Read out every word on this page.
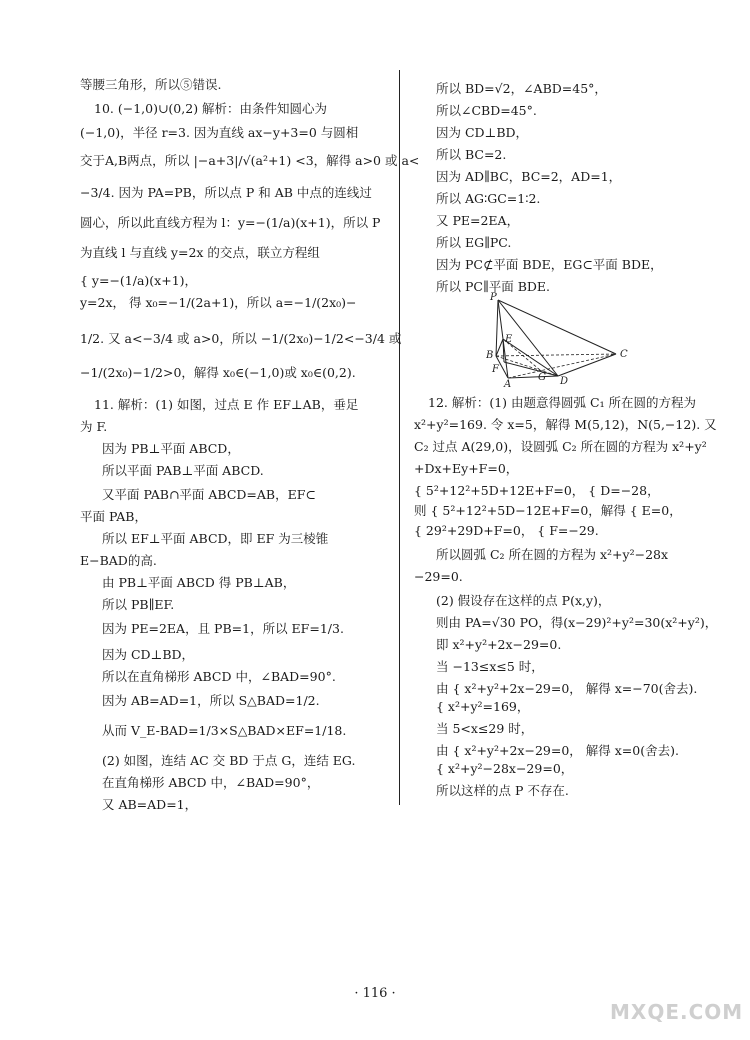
等腰三角形，所以⑤错误.
10. (−1,0)∪(0,2) 解析：由条件知圆心为
(−1,0)，半径 r=3. 因为直线 ax−y+3=0 与圆相
交于A,B两点，所以 |−a+3|/√(a²+1) <3，解得 a>0 或 a<
−3/4. 因为 PA=PB，所以点 P 和 AB 中点的连线过
圆心，所以此直线方程为 l：y=−(1/a)(x+1)，所以 P
为直线 l 与直线 y=2x 的交点，联立方程组
{ y=−(1/a)(x+1)，
y=2x， 得 x₀=−1/(2a+1)，所以 a=−1/(2x₀)−
1/2. 又 a<−3/4 或 a>0，所以 −1/(2x₀)−1/2<−3/4 或
−1/(2x₀)−1/2>0，解得 x₀∈(−1,0)或 x₀∈(0,2).
11. 解析：(1) 如图，过点 E 作 EF⊥AB，垂足
为 F.
因为 PB⊥平面 ABCD，
所以平面 PAB⊥平面 ABCD.
又平面 PAB∩平面 ABCD=AB，EF⊂
平面 PAB，
所以 EF⊥平面 ABCD，即 EF 为三棱锥
E−BAD的高.
由 PB⊥平面 ABCD 得 PB⊥AB，
所以 PB∥EF.
因为 PE=2EA，且 PB=1，所以 EF=1/3.
因为 CD⊥BD，
所以在直角梯形 ABCD 中，∠BAD=90°.
因为 AB=AD=1，所以 S△BAD=1/2.
从而 V_E-BAD=1/3×S△BAD×EF=1/18.
(2) 如图，连结 AC 交 BD 于点 G，连结 EG.
在直角梯形 ABCD 中，∠BAD=90°，
又 AB=AD=1，
所以 BD=√2，∠ABD=45°，
所以∠CBD=45°.
因为 CD⊥BD，
所以 BC=2.
因为 AD∥BC，BC=2，AD=1，
所以 AG∶GC=1∶2.
又 PE=2EA，
所以 EG∥PC.
因为 PC⊄平面 BDE，EG⊂平面 BDE，
所以 PC∥平面 BDE.
P
E
B	C
F
A
G D
12. 解析：(1) 由题意得圆弧 C₁ 所在圆的方程为
x²+y²=169. 令 x=5，解得 M(5,12)，N(5,−12). 又
C₂ 过点 A(29,0)，设圆弧 C₂ 所在圆的方程为 x²+y²
+Dx+Ey+F=0，
{ 5²+12²+5D+12E+F=0， { D=−28，
则 { 5²+12²+5D−12E+F=0，解得 { E=0，
{ 29²+29D+F=0， { F=−29.
所以圆弧 C₂ 所在圆的方程为 x²+y²−28x
−29=0.
(2) 假设存在这样的点 P(x,y)，
则由 PA=√30 PO，得(x−29)²+y²=30(x²+y²)，
即 x²+y²+2x−29=0.
当 −13≤x≤5 时，
由 { x²+y²+2x−29=0， 解得 x=−70(舍去).
{ x²+y²=169，
当 5<x≤29 时，
由 { x²+y²+2x−29=0， 解得 x=0(舍去).
{ x²+y²−28x−29=0，
所以这样的点 P 不存在.
· 116 ·
MXQE.COM
